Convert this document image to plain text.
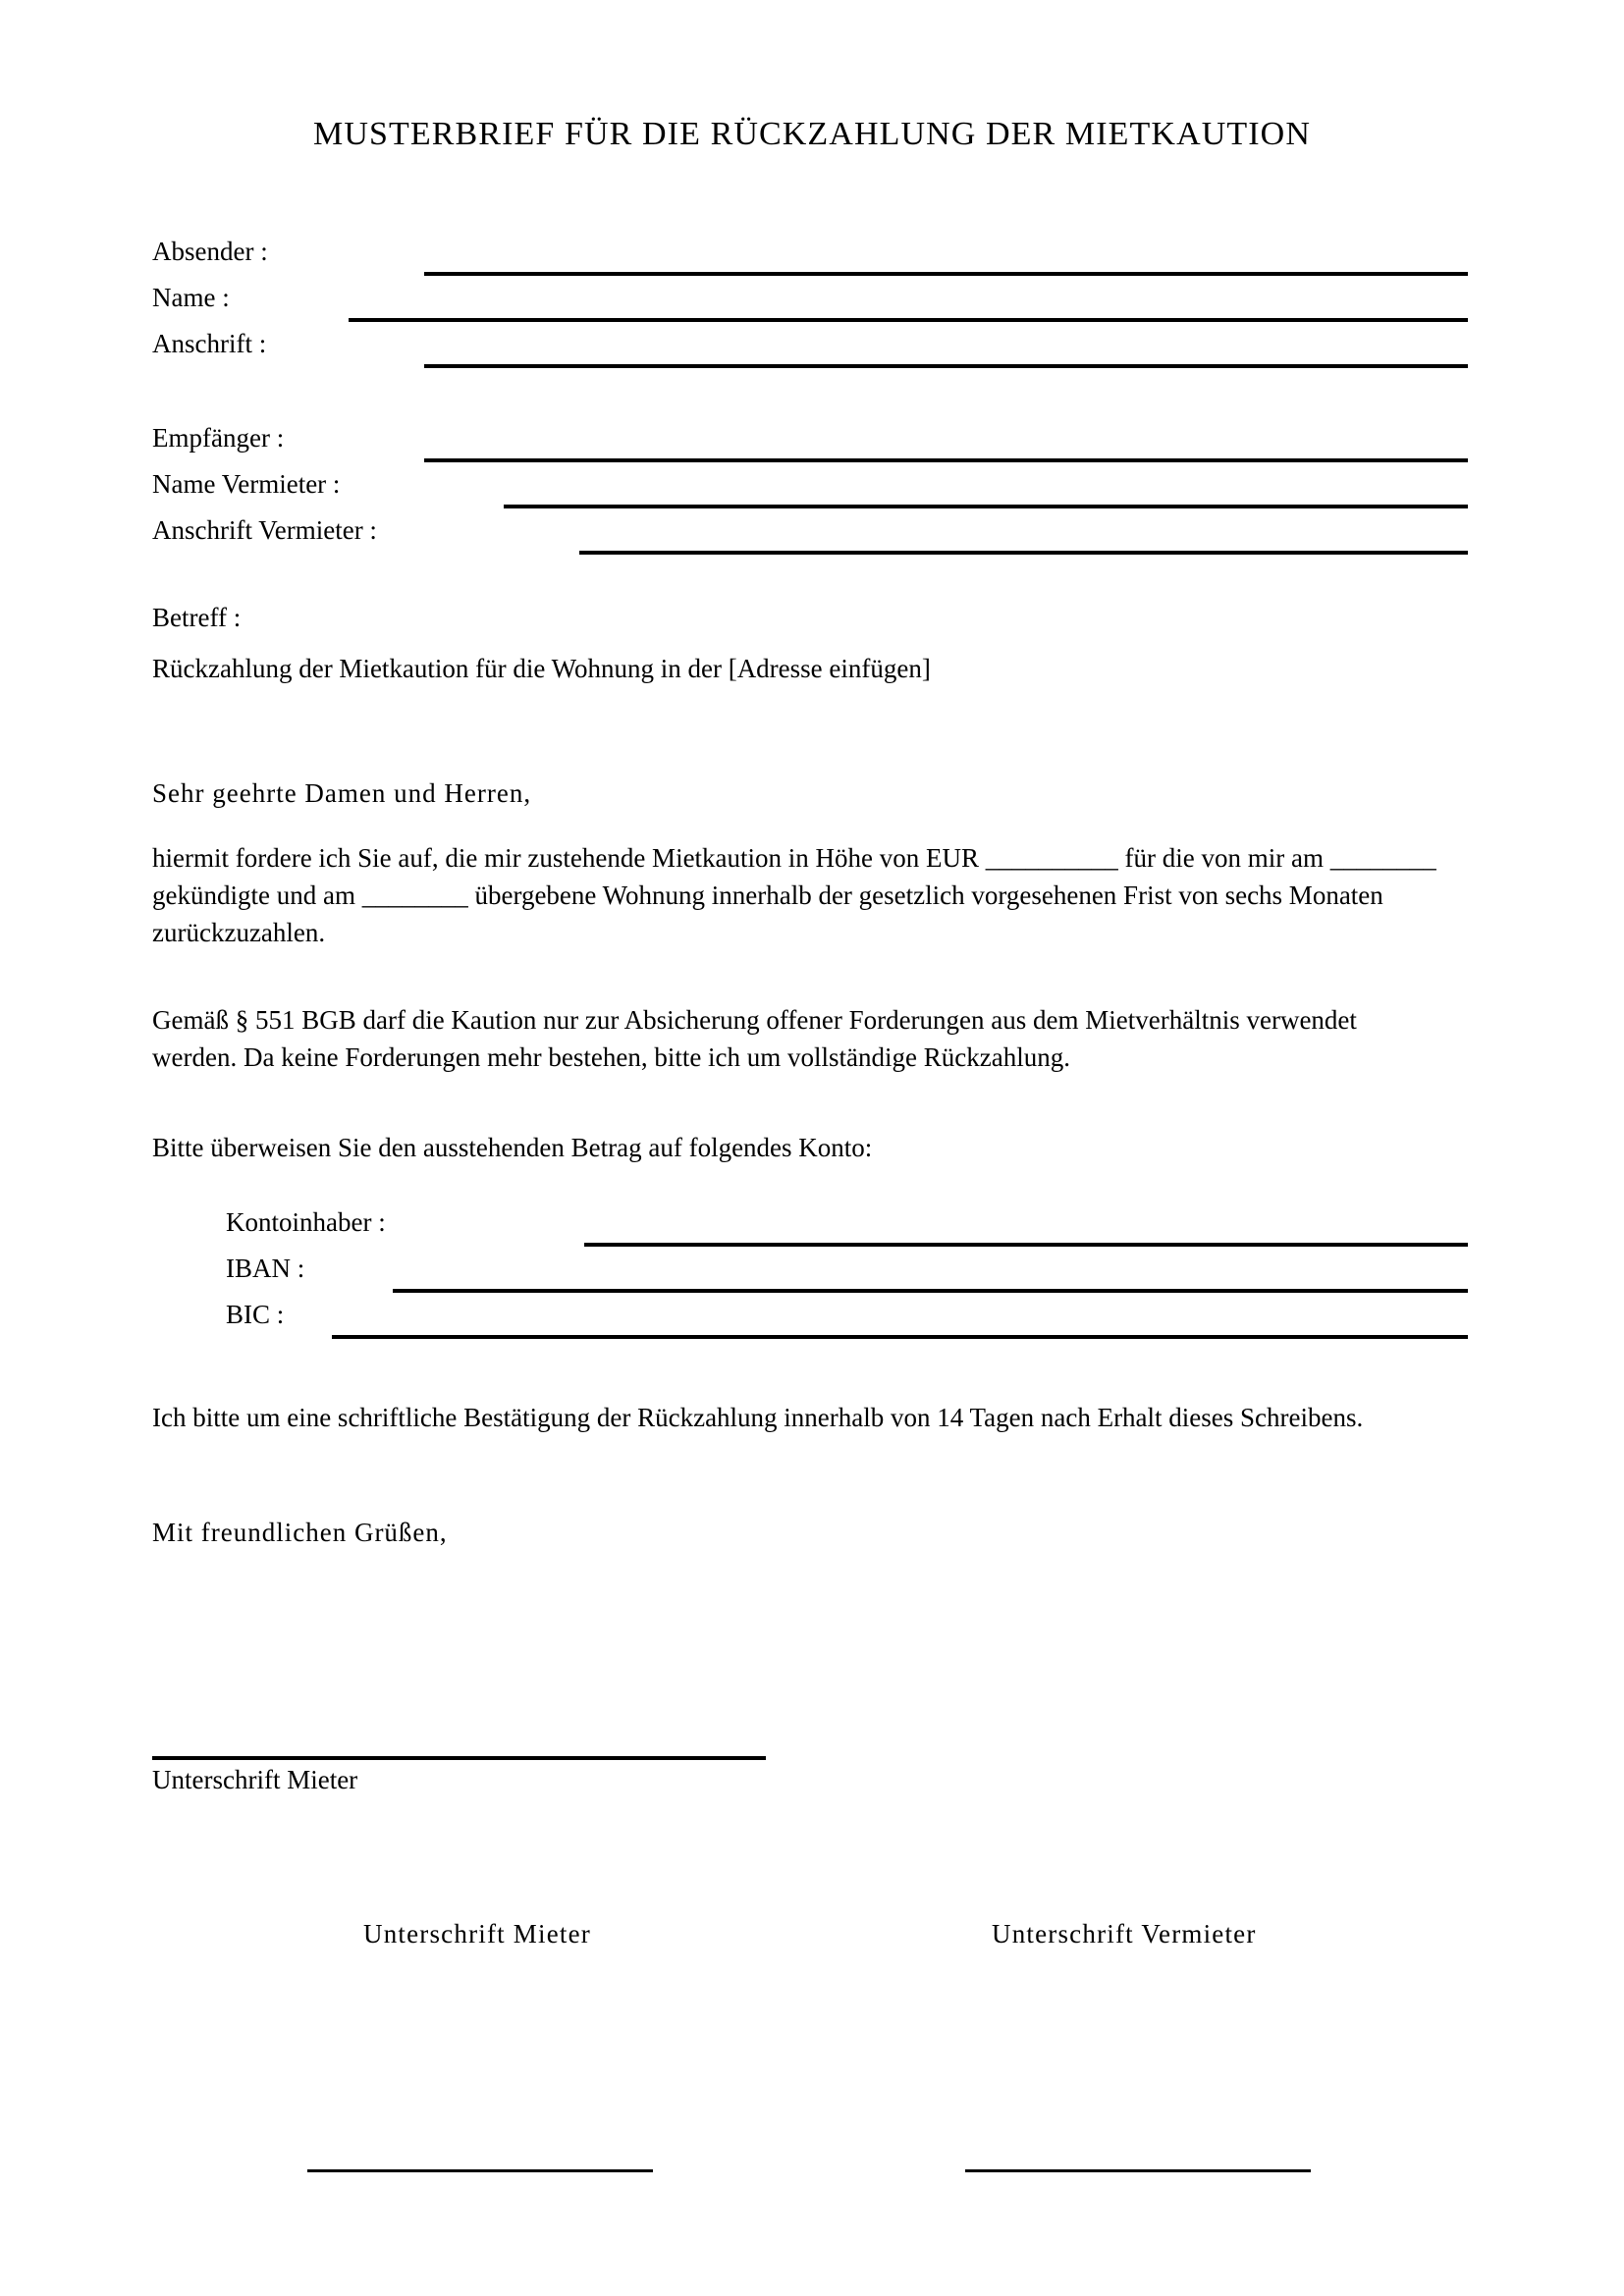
MUSTERBRIEF FÜR DIE RÜCKZAHLUNG DER MIETKAUTION
Absender :
Name :
Anschrift :
Empfänger :
Name Vermieter :
Anschrift Vermieter :
Betreff :
Rückzahlung der Mietkaution für die Wohnung in der [Adresse einfügen]
Sehr geehrte Damen und Herren,
hiermit fordere ich Sie auf, die mir zustehende Mietkaution in Höhe von EUR __________ für die von mir am ________ gekündigte und am ________ übergebene Wohnung innerhalb der gesetzlich vorgesehenen Frist von sechs Monaten zurückzuzahlen.
Gemäß § 551 BGB darf die Kaution nur zur Absicherung offener Forderungen aus dem Mietverhältnis verwendet werden. Da keine Forderungen mehr bestehen, bitte ich um vollständige Rückzahlung.
Bitte überweisen Sie den ausstehenden Betrag auf folgendes Konto:
Kontoinhaber :
IBAN :
BIC :
Ich bitte um eine schriftliche Bestätigung der Rückzahlung innerhalb von 14 Tagen nach Erhalt dieses Schreibens.
Mit freundlichen Grüßen,
Unterschrift Mieter
Unterschrift Mieter	Unterschrift Vermieter
